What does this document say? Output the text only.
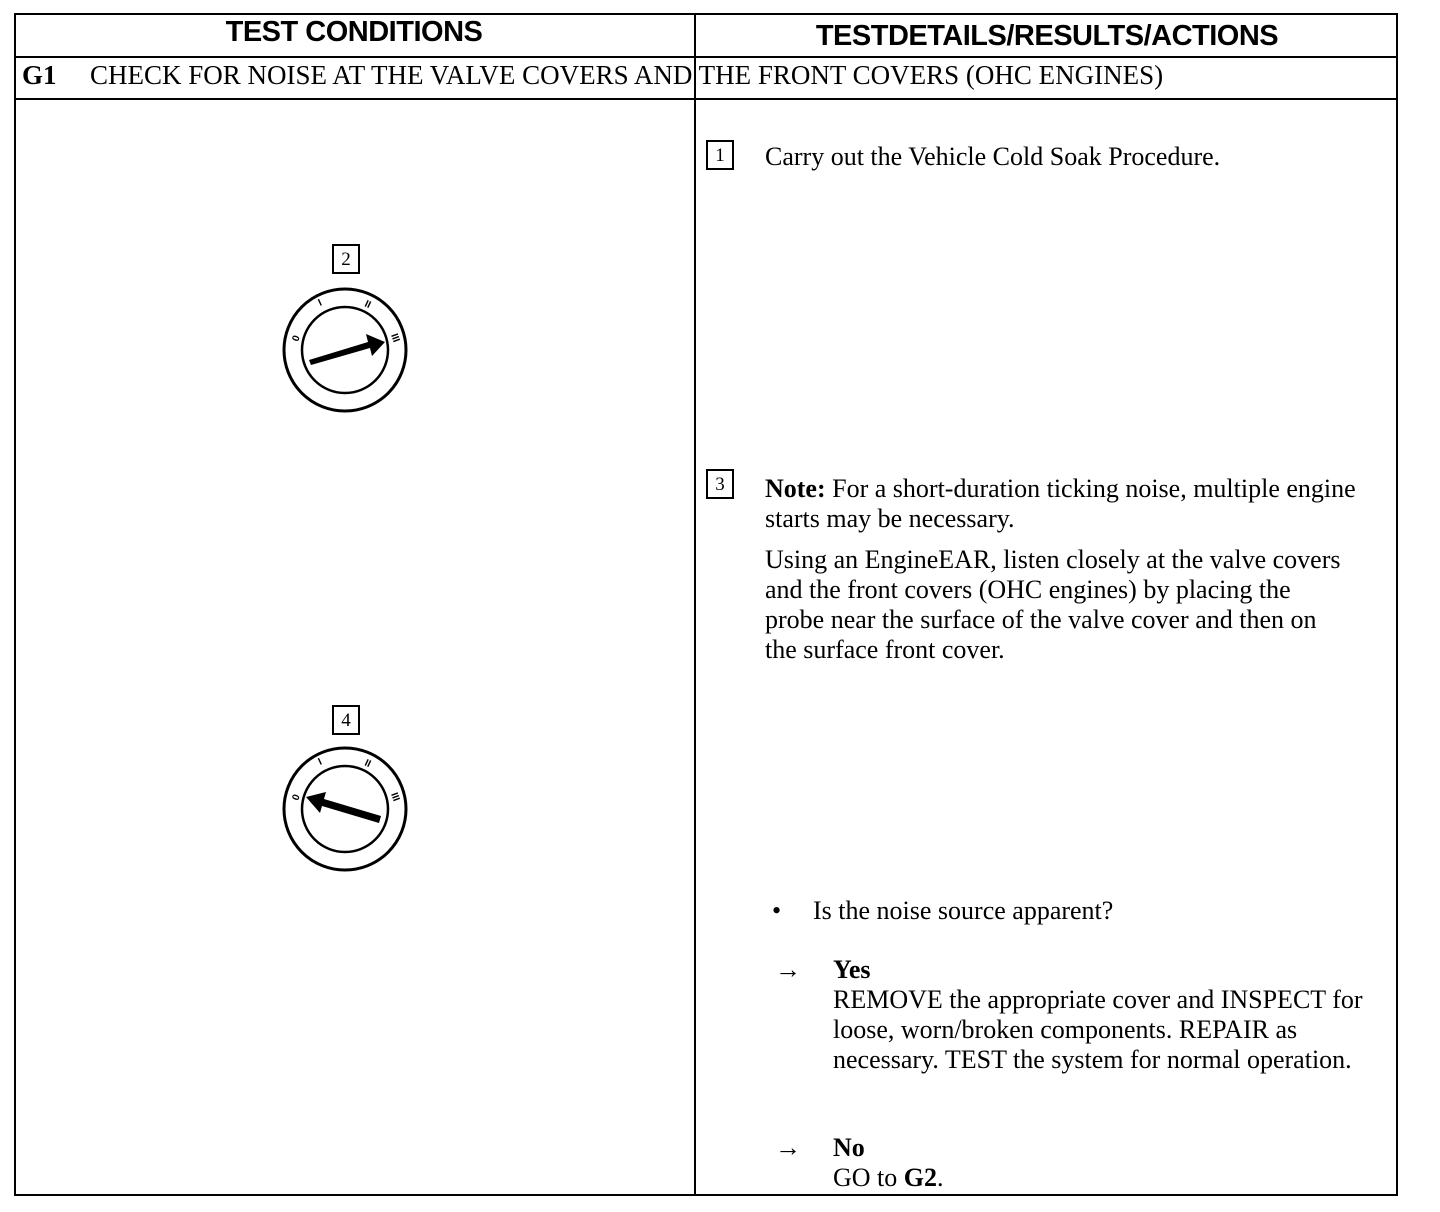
TEST CONDITIONS	TESTDETAILS/RESULTS/ACTIONS
G1 CHECK FOR NOISE AT THE VALVE COVERS AND THE FRONT COVERS (OHC ENGINES)
2
0
I	II
III
4
0
I	II
III
1	Carry out the Vehicle Cold Soak Procedure.
3	Note: For a short-duration ticking noise, multiple engine starts may be necessary.
Using an EngineEAR, listen closely at the valve covers and the front covers (OHC engines) by placing the probe near the surface of the valve cover and then on the surface front cover.
• Is the noise source apparent?
→ Yes
REMOVE the appropriate cover and INSPECT for loose, worn/broken components. REPAIR as necessary. TEST the system for normal operation.
→ No
GO to G2.
